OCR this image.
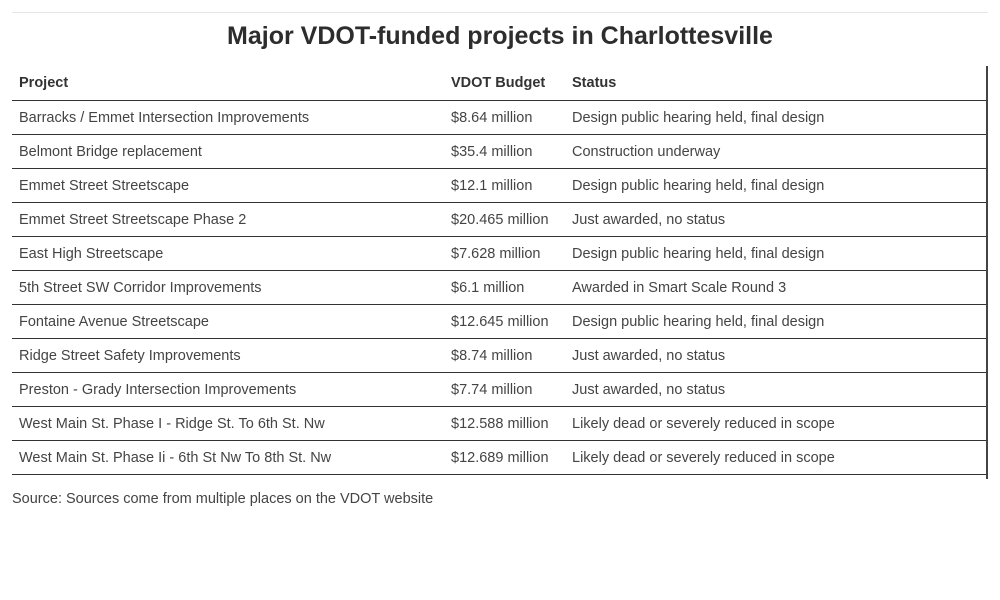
Major VDOT-funded projects in Charlottesville
Project	VDOT Budget	Status
Barracks / Emmet Intersection Improvements	$8.64 million	Design public hearing held, final design
Belmont Bridge replacement	$35.4 million	Construction underway
Emmet Street Streetscape	$12.1 million	Design public hearing held, final design
Emmet Street Streetscape Phase 2	$20.465 million	Just awarded, no status
East High Streetscape	$7.628 million	Design public hearing held, final design
5th Street SW Corridor Improvements	$6.1 million	Awarded in Smart Scale Round 3
Fontaine Avenue Streetscape	$12.645 million	Design public hearing held, final design
Ridge Street Safety Improvements	$8.74 million	Just awarded, no status
Preston - Grady Intersection Improvements	$7.74 million	Just awarded, no status
West Main St. Phase I - Ridge St. To 6th St. Nw	$12.588 million	Likely dead or severely reduced in scope
West Main St. Phase Ii - 6th St Nw To 8th St. Nw	$12.689 million	Likely dead or severely reduced in scope
Source: Sources come from multiple places on the VDOT website
